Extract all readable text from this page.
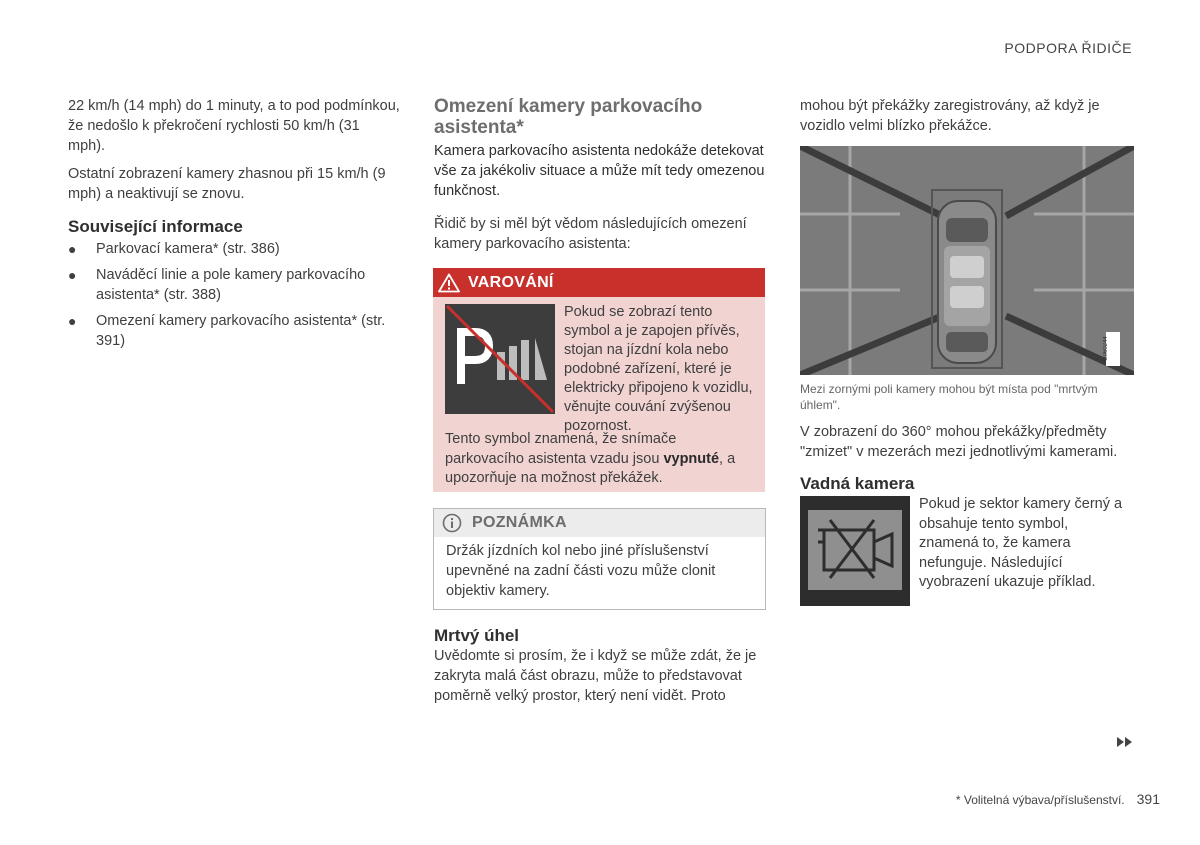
PODPORA ŘIDIČE

22 km/h (14 mph) do 1 minuty, a to pod podmínkou, že nedošlo k překročení rychlosti 50 km/h (31 mph).

Ostatní zobrazení kamery zhasnou při 15 km/h (9 mph) a neaktivují se znovu.

Související informace

● Parkovací kamera* (str. 386)
● Naváděcí linie a pole kamery parkovacího asistenta* (str. 388)
● Omezení kamery parkovacího asistenta* (str. 391)

Omezení kamery parkovacího asistenta*

Kamera parkovacího asistenta nedokáže detekovat vše za jakékoliv situace a může mít tedy omezenou funkčnost.

Řidič by si měl být vědom následujících omezení kamery parkovacího asistenta:

VAROVÁNÍ

Pokud se zobrazí tento symbol a je zapojen přívěs, stojan na jízdní kola nebo podobné zařízení, které je elektricky připojeno k vozidlu, věnujte couvání zvýšenou pozornost.

Tento symbol znamená, že snímače parkovacího asistenta vzadu jsou vypnuté, a upozorňuje na možnost překážek.

POZNÁMKA

Držák jízdních kol nebo jiné příslušenství upevněné na zadní části vozu může clonit objektiv kamery.

Mrtvý úhel

Uvědomte si prosím, že i když se může zdát, že je zakryta malá část obrazu, může to představovat poměrně velký prostor, který není vidět. Proto

mohou být překážky zaregistrovány, až když je vozidlo velmi blízko překážce.

G060244

Mezi zornými poli kamery mohou být místa pod "mrtvým úhlem".

V zobrazení do 360° mohou překážky/předměty "zmizet" v mezerách mezi jednotlivými kamerami.

Vadná kamera

Pokud je sektor kamery černý a obsahuje tento symbol, znamená to, že kamera nefunguje. Následující vyobrazení ukazuje příklad.

* Volitelná výbava/příslušenství. 391
